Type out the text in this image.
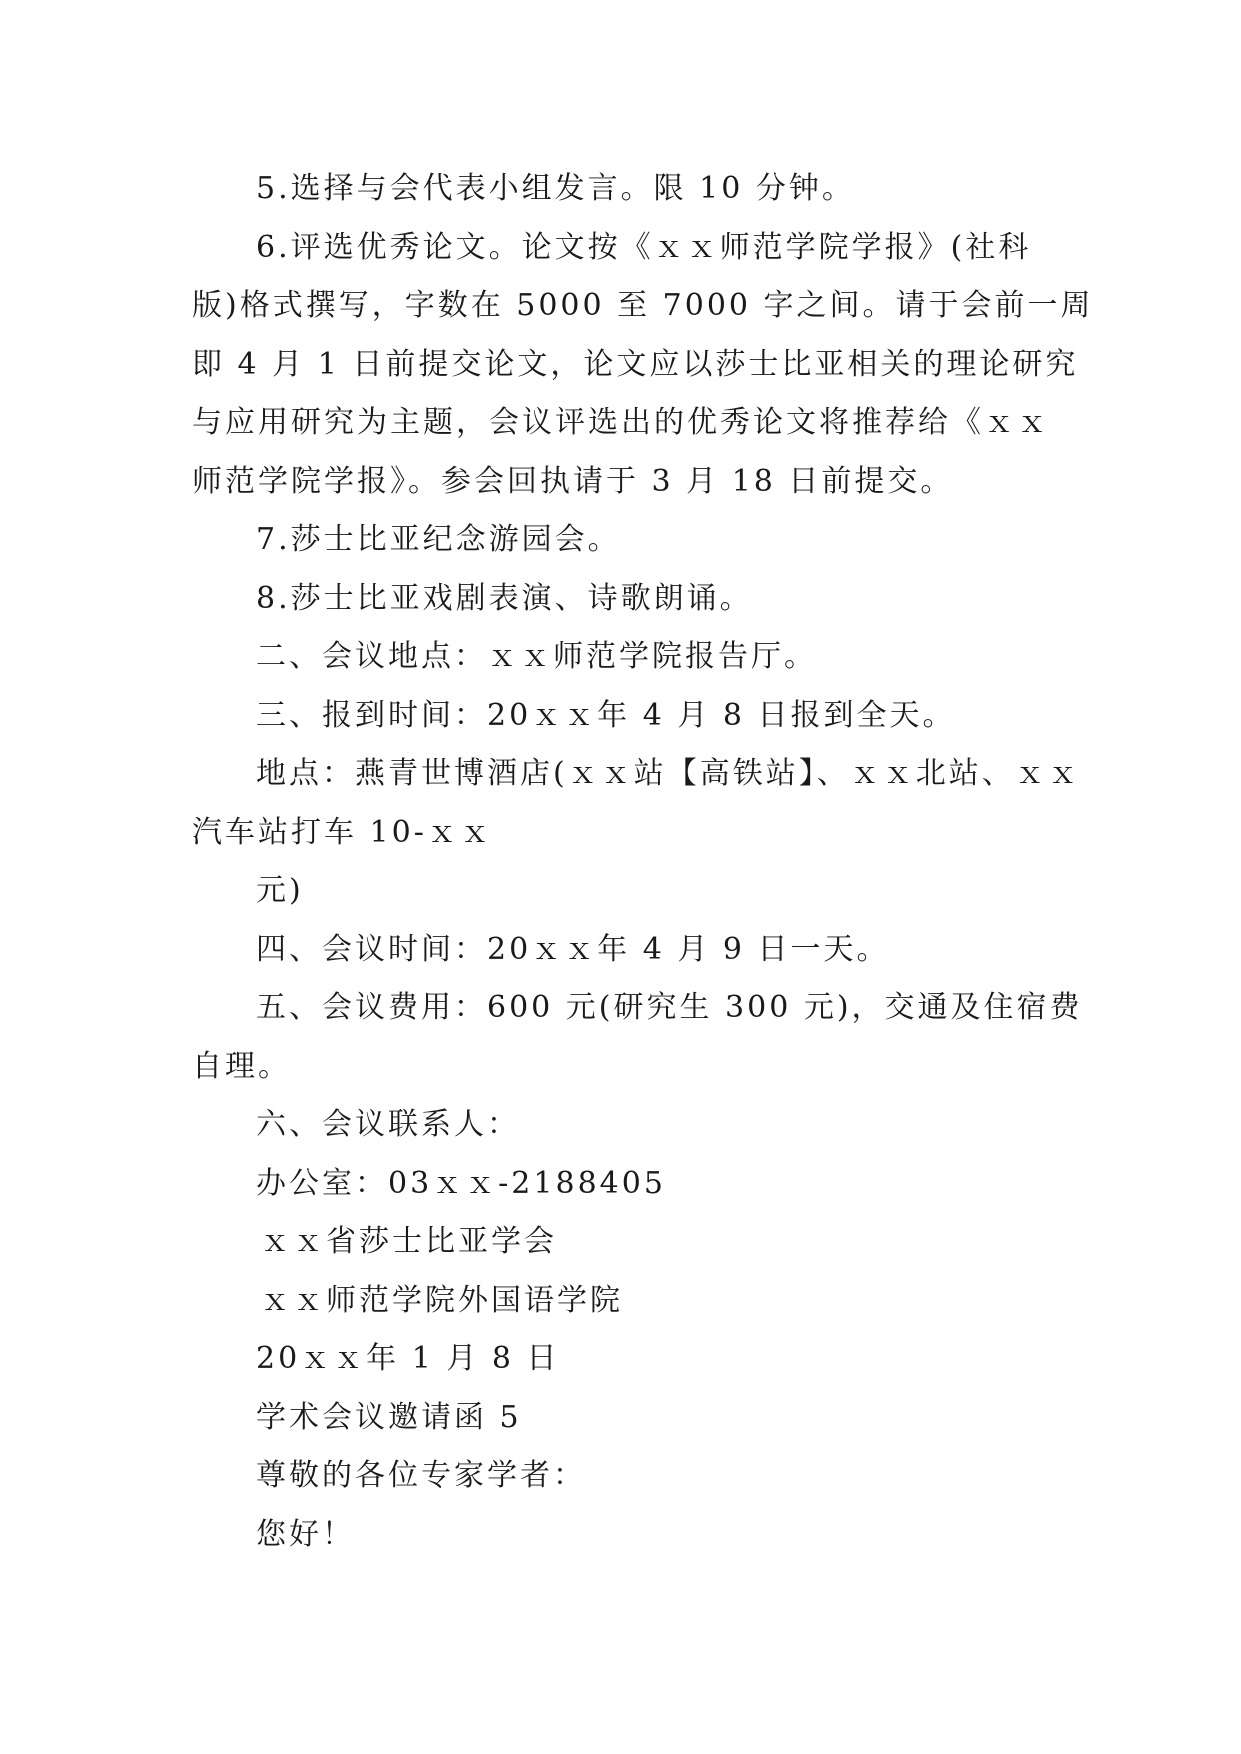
5.选择与会代表小组发言。限 10 分钟。
6.评选优秀论文。论文按《ｘｘ师范学院学报》(社科
版)格式撰写，字数在 5000 至 7000 字之间。请于会前一周
即 4 月 1 日前提交论文，论文应以莎士比亚相关的理论研究
与应用研究为主题，会议评选出的优秀论文将推荐给《ｘｘ
师范学院学报》。参会回执请于 3 月 18 日前提交。
7.莎士比亚纪念游园会。
8.莎士比亚戏剧表演、诗歌朗诵。
二、会议地点：ｘｘ师范学院报告厅。
三、报到时间：20ｘｘ年 4 月 8 日报到全天。
地点：燕青世博酒店(ｘｘ站【高铁站】、ｘｘ北站、ｘｘ
汽车站打车 10-ｘｘ
元)
四、会议时间：20ｘｘ年 4 月 9 日一天。
五、会议费用：600 元(研究生 300 元)，交通及住宿费
自理。
六、会议联系人：
办公室：03ｘｘ-2188405
ｘｘ省莎士比亚学会
ｘｘ师范学院外国语学院
20ｘｘ年 1 月 8 日
学术会议邀请函 5
尊敬的各位专家学者：
您好！
